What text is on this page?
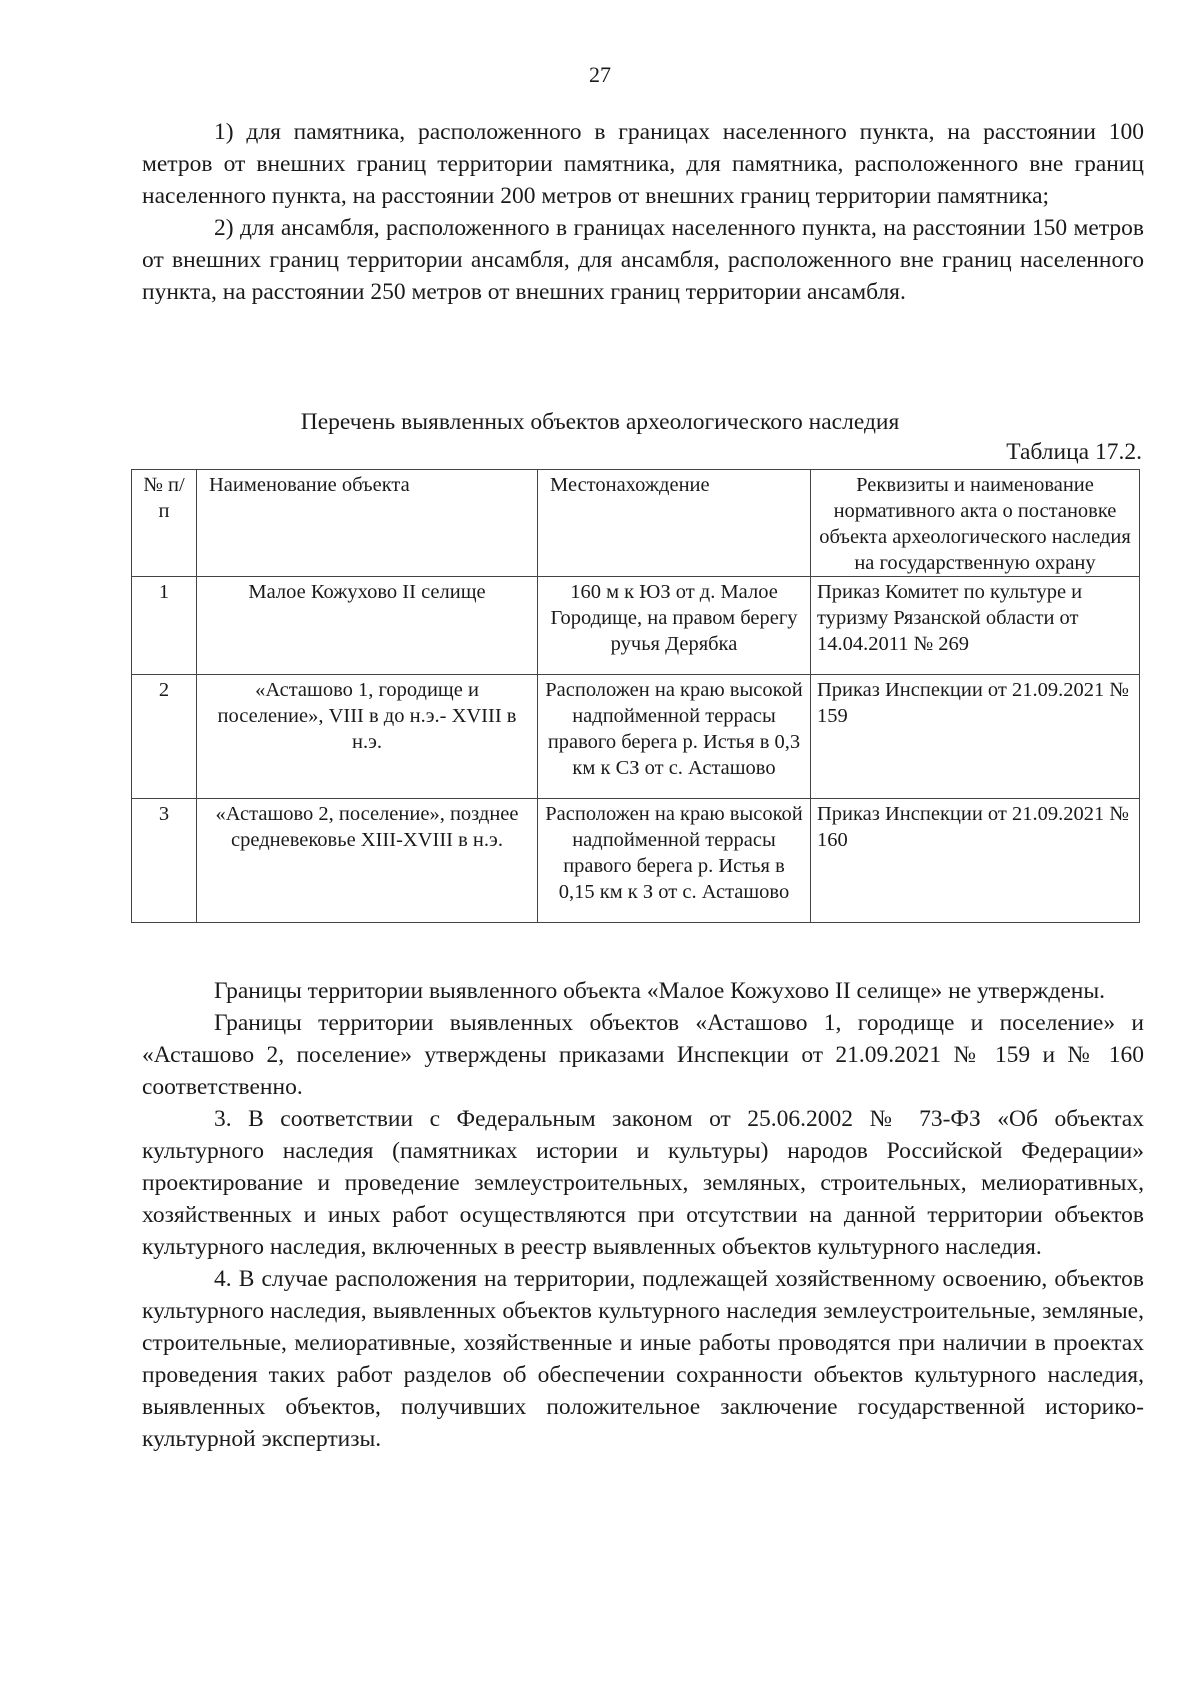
27

1) для памятника, расположенного в границах населенного пункта, на расстоянии 100 метров от внешних границ территории памятника, для памятника, расположенного вне границ населенного пункта, на расстоянии 200 метров от внешних границ территории памятника;

2) для ансамбля, расположенного в границах населенного пункта, на расстоянии 150 метров от внешних границ территории ансамбля, для ансамбля, расположенного вне границ населенного пункта, на расстоянии 250 метров от внешних границ территории ансамбля.

Перечень выявленных объектов археологического наследия
Таблица 17.2.
№ п/п	Наименование объекта	Местонахождение	Реквизиты и наименование нормативного акта о постановке объекта археологического наследия на государственную охрану
1	Малое Кожухово II селище	160 м к ЮЗ от д. Малое Городище, на правом берегу ручья Дерябка	Приказ Комитет по культуре и туризму Рязанской области от 14.04.2011 № 269
2	«Асташово 1, городище и поселение», VIII в до н.э.- XVIII в н.э.	Расположен на краю высокой надпойменной террасы правого берега р. Истья в 0,3 км к СЗ от с. Асташово	Приказ Инспекции от 21.09.2021 № 159
3	«Асташово 2, поселение», позднее средневековье XIII-XVIII в н.э.	Расположен на краю высокой надпойменной террасы правого берега р. Истья в 0,15 км к З от с. Асташово	Приказ Инспекции от 21.09.2021 № 160

Границы территории выявленного объекта «Малое Кожухово II селище» не утверждены.

Границы территории выявленных объектов «Асташово 1, городище и поселение» и «Асташово 2, поселение» утверждены приказами Инспекции от 21.09.2021 № 159 и № 160 соответственно.

3. В соответствии с Федеральным законом от 25.06.2002 № 73-ФЗ «Об объектах культурного наследия (памятниках истории и культуры) народов Российской Федерации» проектирование и проведение землеустроительных, земляных, строительных, мелиоративных, хозяйственных и иных работ осуществляются при отсутствии на данной территории объектов культурного наследия, включенных в реестр выявленных объектов культурного наследия.

4. В случае расположения на территории, подлежащей хозяйственному освоению, объектов культурного наследия, выявленных объектов культурного наследия землеустроительные, земляные, строительные, мелиоративные, хозяйственные и иные работы проводятся при наличии в проектах проведения таких работ разделов об обеспечении сохранности объектов культурного наследия, выявленных объектов, получивших положительное заключение государственной историко-культурной экспертизы.
